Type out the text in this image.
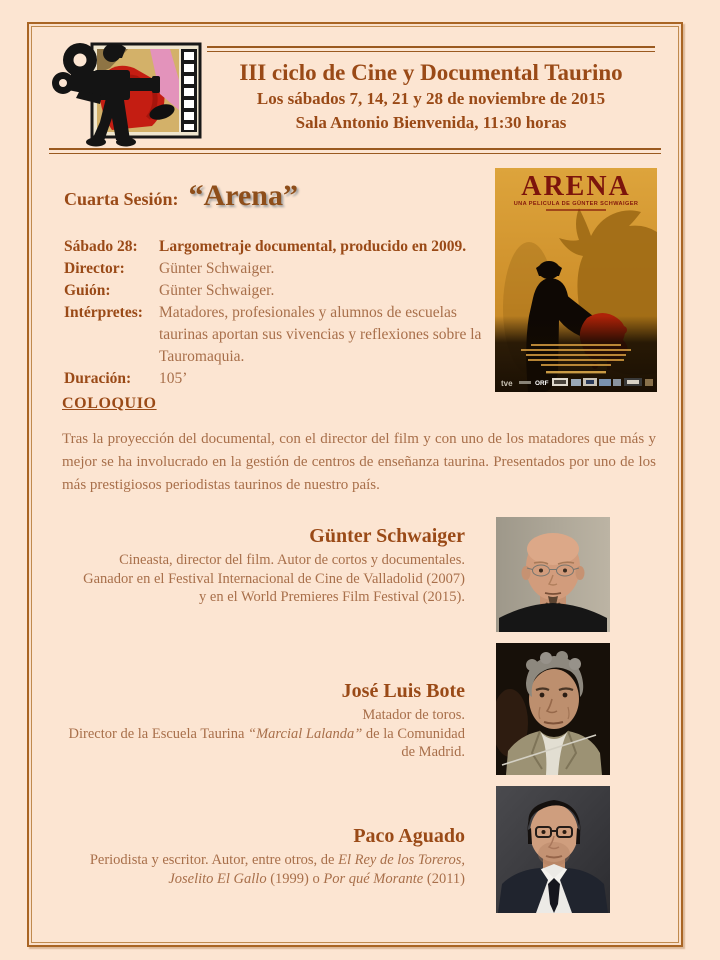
III ciclo de Cine y Documental Taurino
Los sábados 7, 14, 21 y 28 de noviembre de 2015
Sala Antonio Bienvenida, 11:30 horas
Cuarta Sesión: “Arena”
Sábado 28:	Largometraje documental, producido en 2009.
Director:	Günter Schwaiger.
Guión:	Günter Schwaiger.
Intérpretes:	Matadores, profesionales y alumnos de escuelas taurinas aportan sus vivencias y reflexiones sobre la Tauromaquia.
Duración:	105’
ARENA
UNA PELICULA DE GÜNTER SCHWAIGER
tve	ORF
COLOQUIO
Tras la proyección del documental, con el director del film y con uno de los matadores que más y mejor se ha involucrado en la gestión de centros de enseñanza taurina. Presentados por uno de los más prestigiosos periodistas taurinos de nuestro país.
Günter Schwaiger
Cineasta, director del film. Autor de cortos y documentales.
Ganador en el Festival Internacional de Cine de Valladolid (2007)
y en el World Premieres Film Festival (2015).
José Luis Bote
Matador de toros.
Director de la Escuela Taurina “Marcial Lalanda” de la Comunidad
de Madrid.
Paco Aguado
Periodista y escritor. Autor, entre otros, de El Rey de los Toreros,
Joselito El Gallo (1999) o Por qué Morante (2011)
